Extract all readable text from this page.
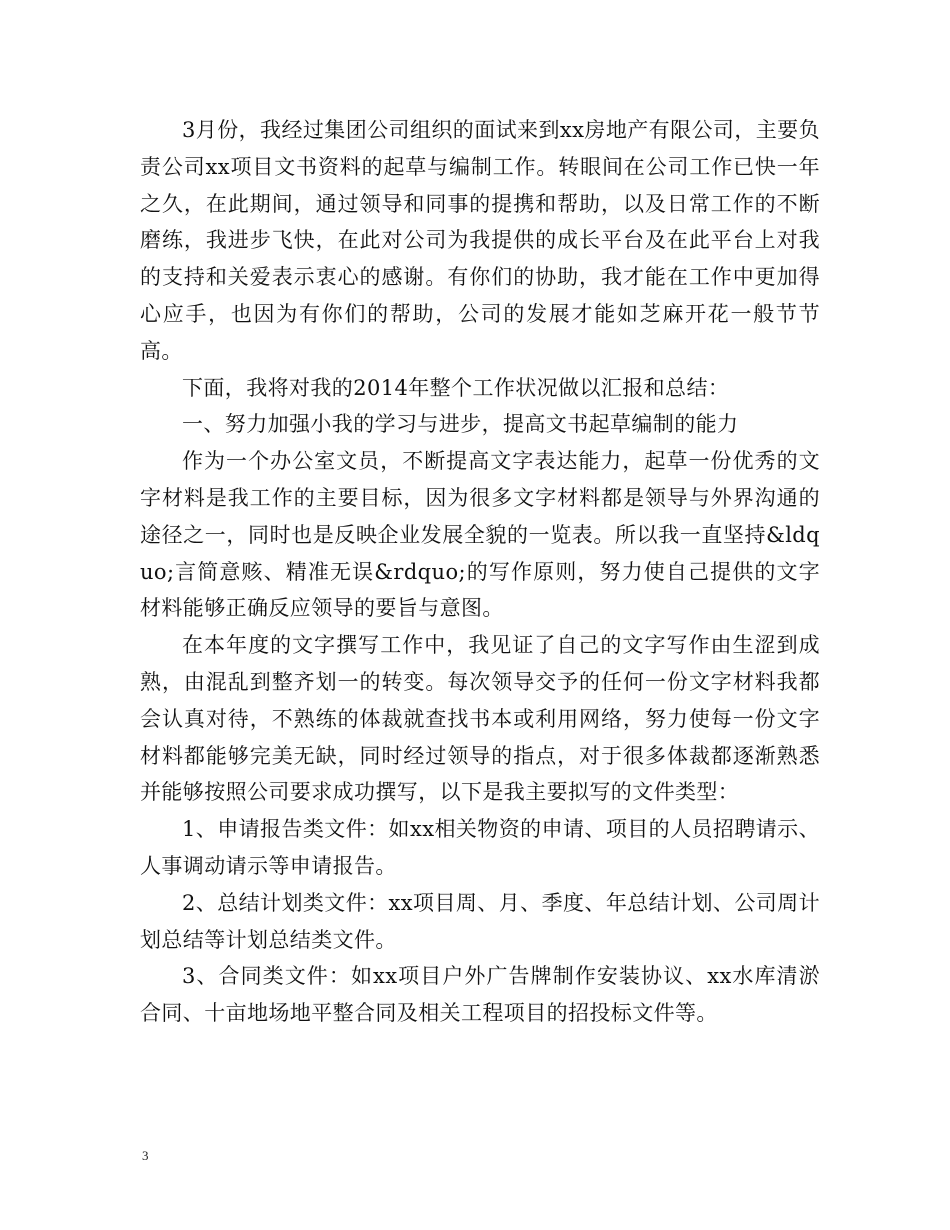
3月份，我经过集团公司组织的面试来到xx房地产有限公司，主要负责公司xx项目文书资料的起草与编制工作。转眼间在公司工作已快一年之久，在此期间，通过领导和同事的提携和帮助，以及日常工作的不断磨练，我进步飞快，在此对公司为我提供的成长平台及在此平台上对我的支持和关爱表示衷心的感谢。有你们的协助，我才能在工作中更加得心应手，也因为有你们的帮助，公司的发展才能如芝麻开花一般节节高。

下面，我将对我的2014年整个工作状况做以汇报和总结：

一、努力加强小我的学习与进步，提高文书起草编制的能力

作为一个办公室文员，不断提高文字表达能力，起草一份优秀的文字材料是我工作的主要目标，因为很多文字材料都是领导与外界沟通的途径之一，同时也是反映企业发展全貌的一览表。所以我一直坚持&ldquo;言简意赅、精准无误&rdquo;的写作原则，努力使自己提供的文字材料能够正确反应领导的要旨与意图。

在本年度的文字撰写工作中，我见证了自己的文字写作由生涩到成熟，由混乱到整齐划一的转变。每次领导交予的任何一份文字材料我都会认真对待，不熟练的体裁就查找书本或利用网络，努力使每一份文字材料都能够完美无缺，同时经过领导的指点，对于很多体裁都逐渐熟悉并能够按照公司要求成功撰写，以下是我主要拟写的文件类型：

1、申请报告类文件：如xx相关物资的申请、项目的人员招聘请示、人事调动请示等申请报告。

2、总结计划类文件：xx项目周、月、季度、年总结计划、公司周计划总结等计划总结类文件。

3、合同类文件：如xx项目户外广告牌制作安装协议、xx水库清淤合同、十亩地场地平整合同及相关工程项目的招投标文件等。

3
